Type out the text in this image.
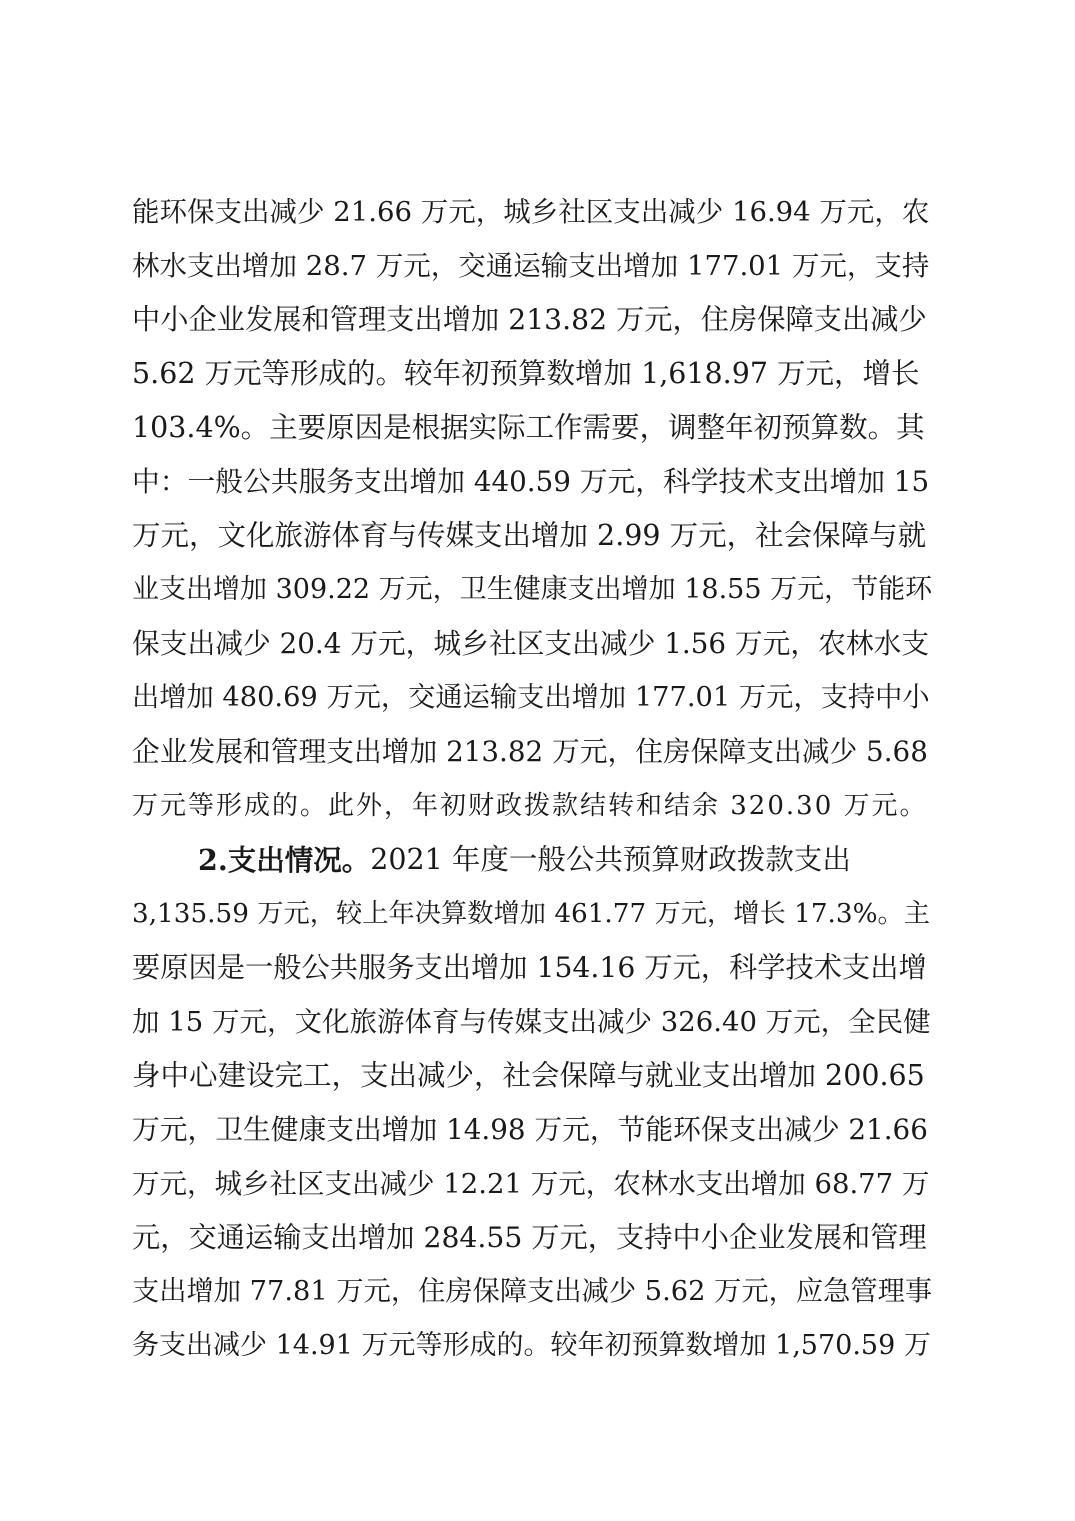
能环保支出减少 21.66 万元，城乡社区支出减少 16.94 万元，农
林水支出增加 28.7 万元，交通运输支出增加 177.01 万元，支持
中小企业发展和管理支出增加 213.82 万元，住房保障支出减少
5.62 万元等形成的。较年初预算数增加 1,618.97 万元，增长
103.4%。主要原因是根据实际工作需要，调整年初预算数。其
中：一般公共服务支出增加 440.59 万元，科学技术支出增加 15
万元，文化旅游体育与传媒支出增加 2.99 万元，社会保障与就
业支出增加 309.22 万元，卫生健康支出增加 18.55 万元，节能环
保支出减少 20.4 万元，城乡社区支出减少 1.56 万元，农林水支
出增加 480.69 万元，交通运输支出增加 177.01 万元，支持中小
企业发展和管理支出增加 213.82 万元，住房保障支出减少 5.68
万元等形成的。此外，年初财政拨款结转和结余 320.30 万元。
2.支出情况。 2021 年度一般公共预算财政拨款支出
3,135.59 万元，较上年决算数增加 461.77 万元，增长 17.3%。主
要原因是一般公共服务支出增加 154.16 万元，科学技术支出增
加 15 万元，文化旅游体育与传媒支出减少 326.40 万元，全民健
身中心建设完工，支出减少，社会保障与就业支出增加 200.65
万元，卫生健康支出增加 14.98 万元，节能环保支出减少 21.66
万元，城乡社区支出减少 12.21 万元，农林水支出增加 68.77 万
元，交通运输支出增加 284.55 万元，支持中小企业发展和管理
支出增加 77.81 万元，住房保障支出减少 5.62 万元，应急管理事
务支出减少 14.91 万元等形成的。较年初预算数增加 1,570.59 万
